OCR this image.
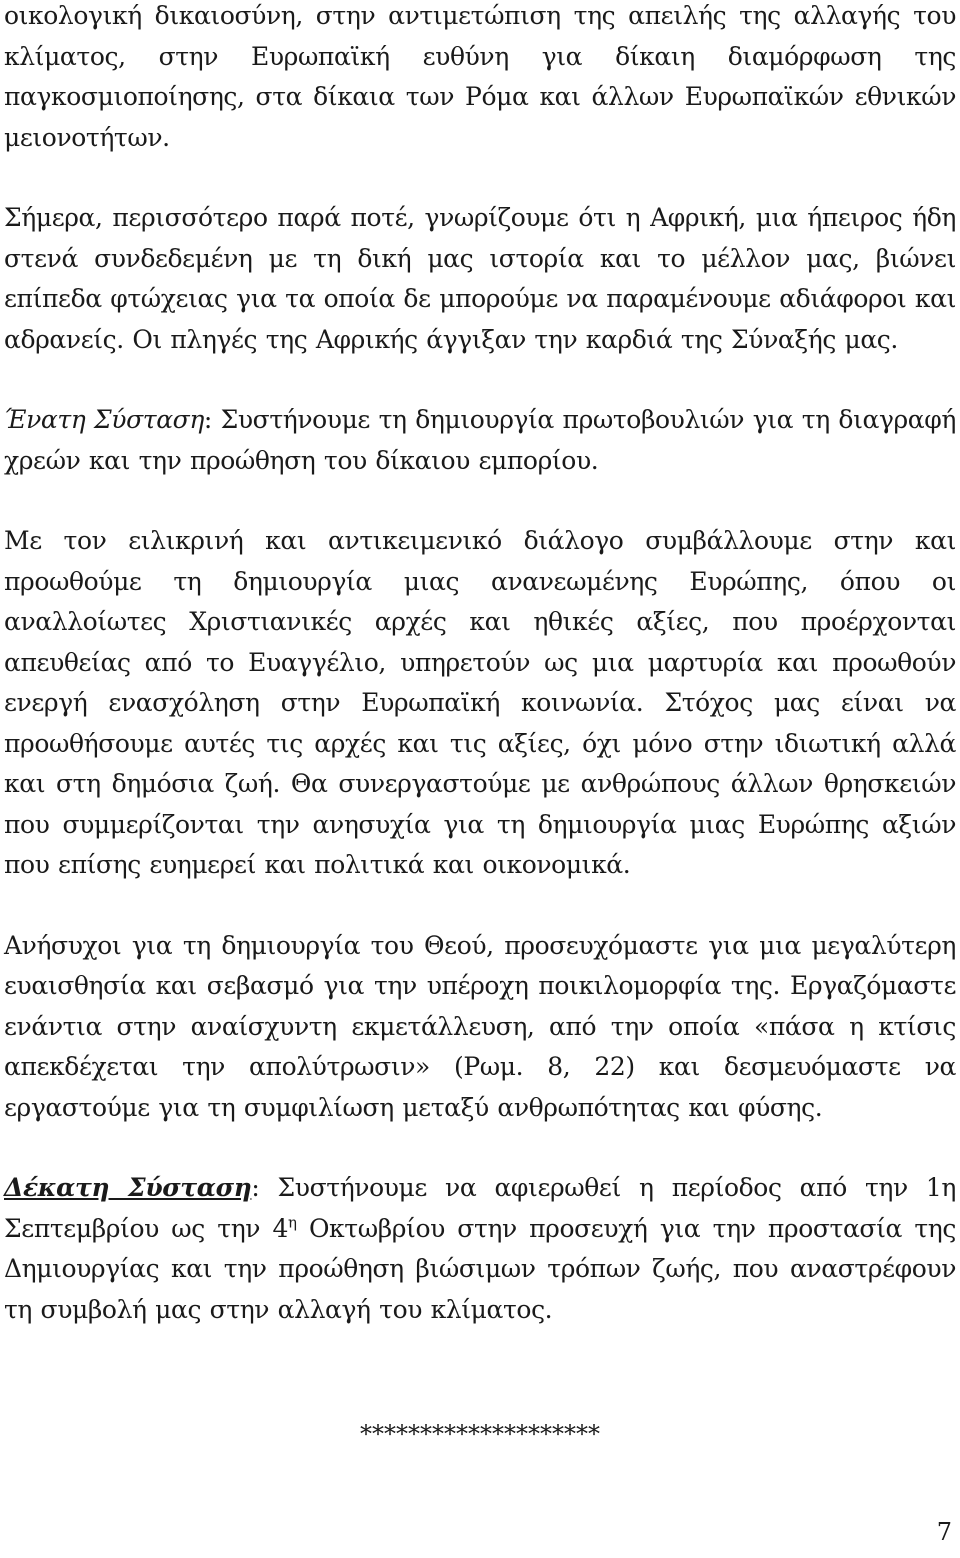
οικολογική δικαιοσύνη, στην αντιμετώπιση της απειλής της αλλαγής του κλίματος, στην Ευρωπαϊκή ευθύνη για δίκαιη διαμόρφωση της παγκοσμιοποίησης, στα δίκαια των Ρόμα και άλλων Ευρωπαϊκών εθνικών μειονοτήτων.

Σήμερα, περισσότερο παρά ποτέ, γνωρίζουμε ότι η Αφρική, μια ήπειρος ήδη στενά συνδεδεμένη με τη δική μας ιστορία και το μέλλον μας, βιώνει επίπεδα φτώχειας για τα οποία δε μπορούμε να παραμένουμε αδιάφοροι και αδρανείς. Οι πληγές της Αφρικής άγγιξαν την καρδιά της Σύναξής μας.

Ένατη Σύσταση: Συστήνουμε τη δημιουργία πρωτοβουλιών για τη διαγραφή χρεών και την προώθηση του δίκαιου εμπορίου.

Με τον ειλικρινή και αντικειμενικό διάλογο συμβάλλουμε στην και προωθούμε τη δημιουργία μιας ανανεωμένης Ευρώπης, όπου οι αναλλοίωτες Χριστιανικές αρχές και ηθικές αξίες, που προέρχονται απευθείας από το Ευαγγέλιο, υπηρετούν ως μια μαρτυρία και προωθούν ενεργή ενασχόληση στην Ευρωπαϊκή κοινωνία. Στόχος μας είναι να προωθήσουμε αυτές τις αρχές και τις αξίες, όχι μόνο στην ιδιωτική αλλά και στη δημόσια ζωή. Θα συνεργαστούμε με ανθρώπους άλλων θρησκειών που συμμερίζονται την ανησυχία για τη δημιουργία μιας Ευρώπης αξιών που επίσης ευημερεί και πολιτικά και οικονομικά.

Ανήσυχοι για τη δημιουργία του Θεού, προσευχόμαστε για μια μεγαλύτερη ευαισθησία και σεβασμό για την υπέροχη ποικιλομορφία της. Εργαζόμαστε ενάντια στην αναίσχυντη εκμετάλλευση, από την οποία «πάσα η κτίσις απεκδέχεται την απολύτρωσιν» (Ρωμ. 8, 22) και δεσμευόμαστε να εργαστούμε για τη συμφιλίωση μεταξύ ανθρωπότητας και φύσης.

Δέκατη Σύσταση: Συστήνουμε να αφιερωθεί η περίοδος από την 1η Σεπτεμβρίου ως την $4^\eta$ Οκτωβρίου στην προσευχή για την προστασία της Δημιουργίας και την προώθηση βιώσιμων τρόπων ζωής, που αναστρέφουν τη συμβολή μας στην αλλαγή του κλίματος.

********************
7
